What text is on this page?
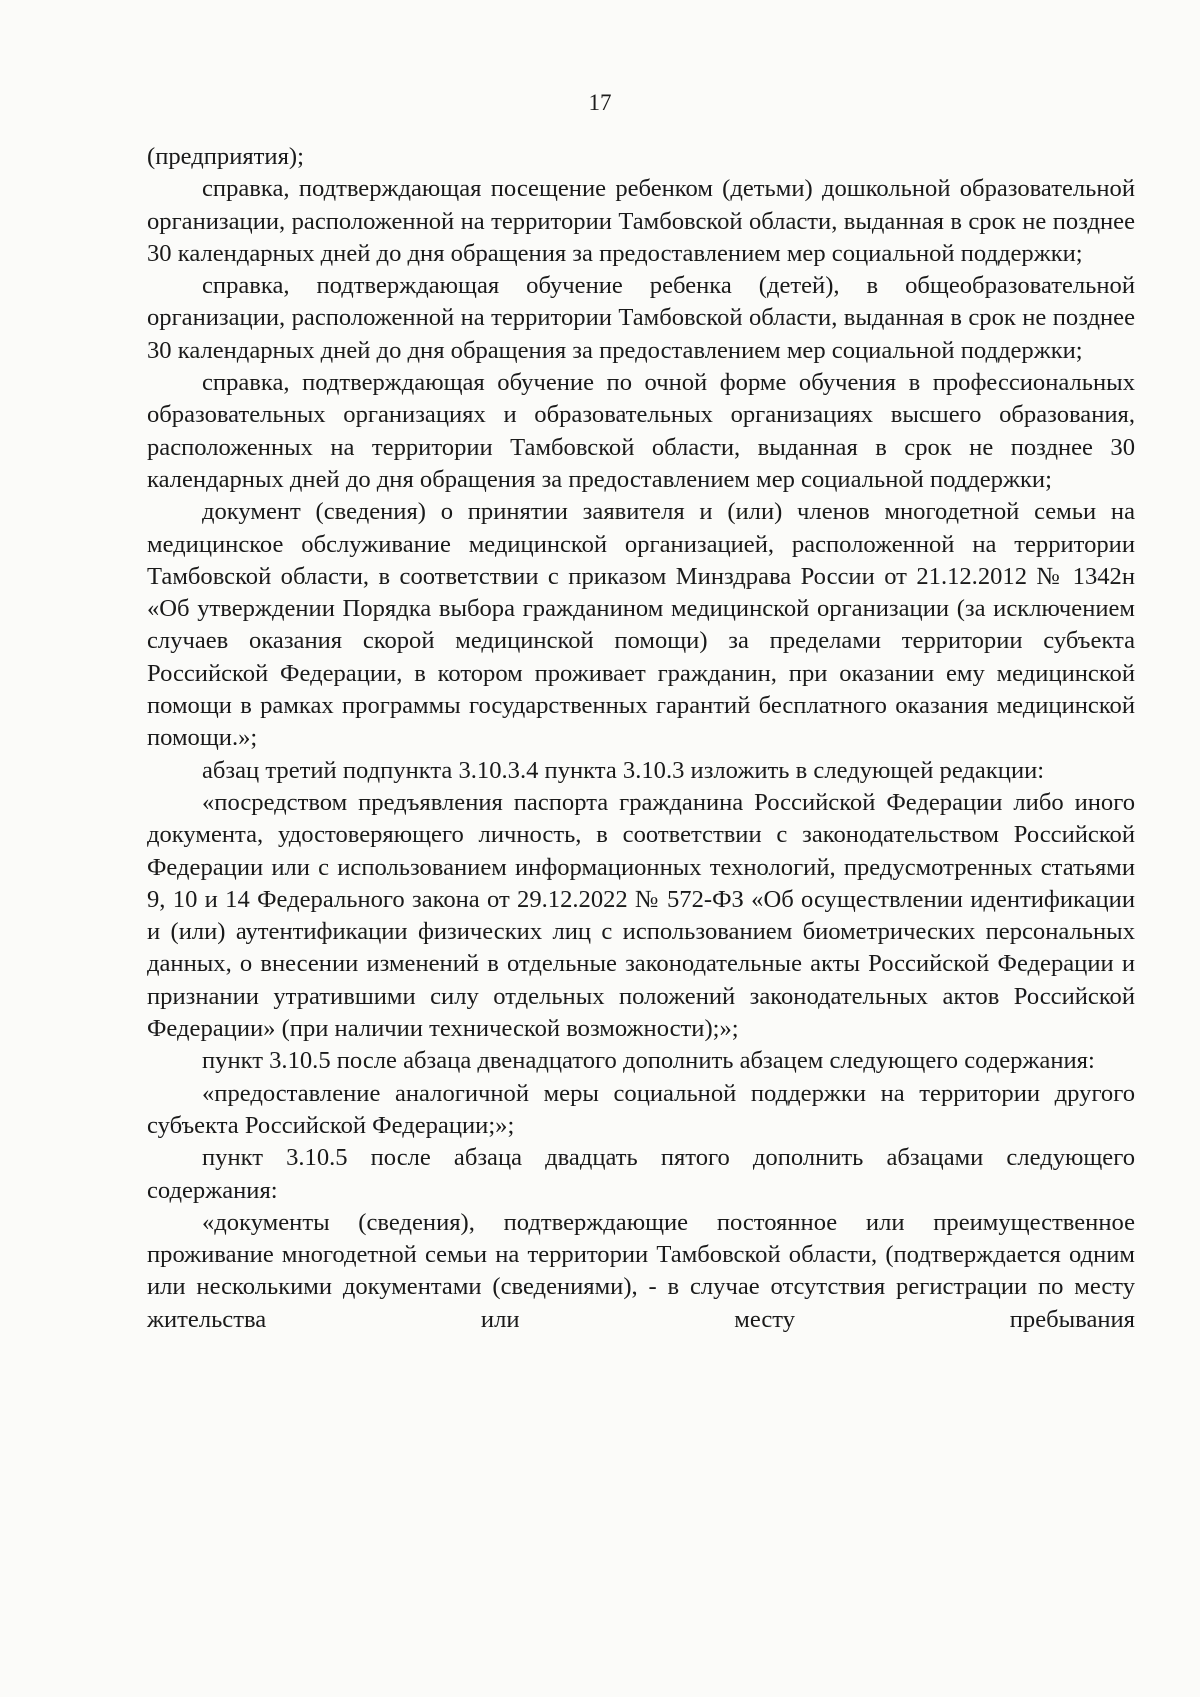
17

(предприятия);

справка, подтверждающая посещение ребенком (детьми) дошкольной образовательной организации, расположенной на территории Тамбовской области, выданная в срок не позднее 30 календарных дней до дня обращения за предоставлением мер социальной поддержки;

справка, подтверждающая обучение ребенка (детей), в общеобразовательной организации, расположенной на территории Тамбовской области, выданная в срок не позднее 30 календарных дней до дня обращения за предоставлением мер социальной поддержки;

справка, подтверждающая обучение по очной форме обучения в профессиональных образовательных организациях и образовательных организациях высшего образования, расположенных на территории Тамбовской области, выданная в срок не позднее 30 календарных дней до дня обращения за предоставлением мер социальной поддержки;

документ (сведения) о принятии заявителя и (или) членов многодетной семьи на медицинское обслуживание медицинской организацией, расположенной на территории Тамбовской области, в соответствии с приказом Минздрава России от 21.12.2012 № 1342н «Об утверждении Порядка выбора гражданином медицинской организации (за исключением случаев оказания скорой медицинской помощи) за пределами территории субъекта Российской Федерации, в котором проживает гражданин, при оказании ему медицинской помощи в рамках программы государственных гарантий бесплатного оказания медицинской помощи.»;

абзац третий подпункта 3.10.3.4 пункта 3.10.3 изложить в следующей редакции:

«посредством предъявления паспорта гражданина Российской Федерации либо иного документа, удостоверяющего личность, в соответствии с законодательством Российской Федерации или с использованием информационных технологий, предусмотренных статьями 9, 10 и 14 Федерального закона от 29.12.2022 № 572-ФЗ «Об осуществлении идентификации и (или) аутентификации физических лиц с использованием биометрических персональных данных, о внесении изменений в отдельные законодательные акты Российской Федерации и признании утратившими силу отдельных положений законодательных актов Российской Федерации» (при наличии технической возможности);»;

пункт 3.10.5 после абзаца двенадцатого дополнить абзацем следующего содержания:

«предоставление аналогичной меры социальной поддержки на территории другого субъекта Российской Федерации;»;

пункт 3.10.5 после абзаца двадцать пятого дополнить абзацами следующего содержания:

«документы (сведения), подтверждающие постоянное или преимущественное проживание многодетной семьи на территории Тамбовской области, (подтверждается одним или несколькими документами (сведениями), - в случае отсутствия регистрации по месту жительства или месту пребывания
